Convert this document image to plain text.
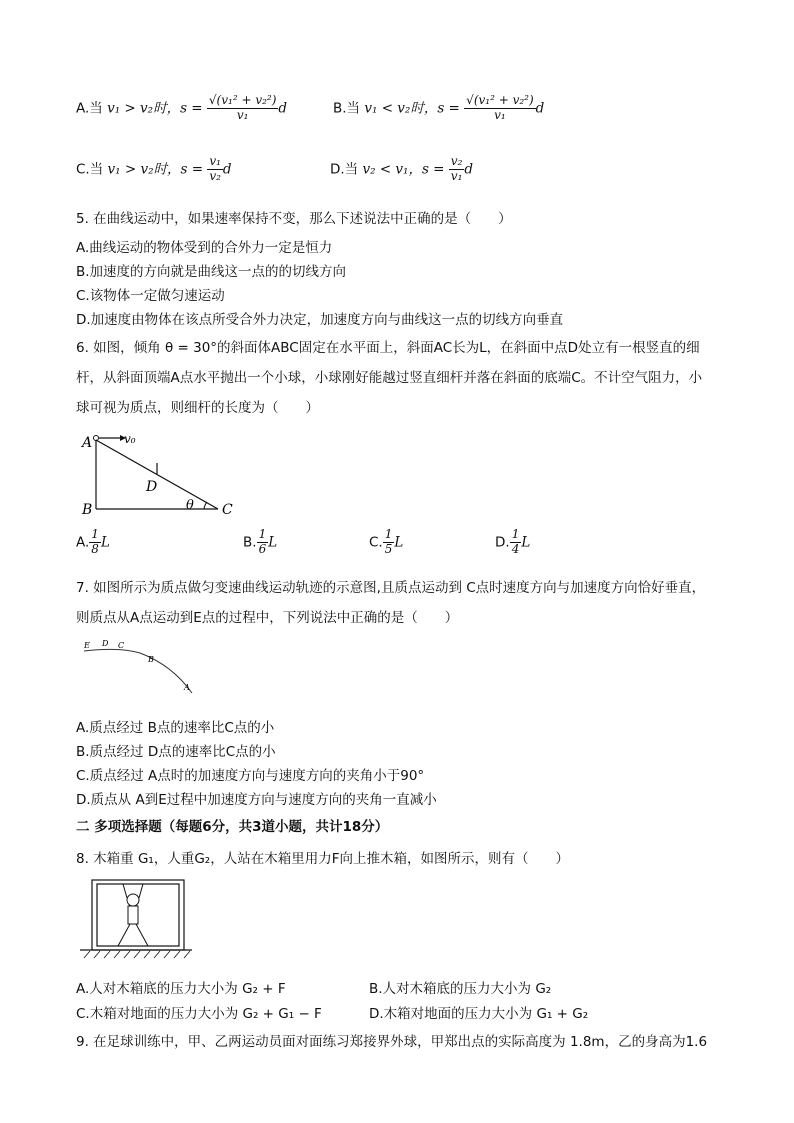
A.当 v₁ > v₂时，$s = \frac{\text{√(v₁² + v₂²)}}{\text{v₁}}$ d	B.当 v₁ < v₂时，$s = \frac{\text{√(v₁² + v₂²)}}{\text{v₁}}$ d
C.当 v₁ > v₂时，$s = \frac{\text{v₁}}{\text{v₂}}$ d	D.当 v₂ < v₁，$s = \frac{\text{v₂}}{\text{v₁}}$ d
5. 在曲线运动中，如果速率保持不变，那么下述说法中正确的是（　　）
A.曲线运动的物体受到的合外力一定是恒力
B.加速度的方向就是曲线这一点的的切线方向
C.该物体一定做匀速运动
D.加速度由物体在该点所受合外力决定，加速度方向与曲线这一点的切线方向垂直
6. 如图，倾角 θ = 30°的斜面体ABC固定在水平面上，斜面AC长为L，在斜面中点D处立有一根竖直的细
杆，从斜面顶端A点水平抛出一个小球，小球刚好能越过竖直细杆并落在斜面的底端C。不计空气阻力，小
球可视为质点，则细杆的长度为（　　）
A	v₀
B
D
θ C
A. $\frac{1}{8}$ L	B. $\frac{1}{6}$ L	C. $\frac{1}{5}$ L	D. $\frac{1}{4}$ L
7. 如图所示为质点做匀变速曲线运动轨迹的示意图,且质点运动到 C点时速度方向与加速度方向恰好垂直，
则质点从A点运动到E点的过程中，下列说法中正确的是（　　）
E D C
B
A
A.质点经过 B点的速率比C点的小
B.质点经过 D点的速率比C点的小
C.质点经过 A点时的加速度方向与速度方向的夹角小于90°
D.质点从 A到E过程中加速度方向与速度方向的夹角一直减小
二 多项选择题（每题6分，共3道小题，共计18分）
8. 木箱重 G₁，人重G₂，人站在木箱里用力F向上推木箱，如图所示，则有（　　）
A.人对木箱底的压力大小为 G₂ + F	B.人对木箱底的压力大小为 G₂
C.木箱对地面的压力大小为 G₂ + G₁ − F	D.木箱对地面的压力大小为 G₁ + G₂
9. 在足球训练中，甲、乙两运动员面对面练习郑接界外球，甲郑出点的实际高度为 1.8m，乙的身高为1.6
